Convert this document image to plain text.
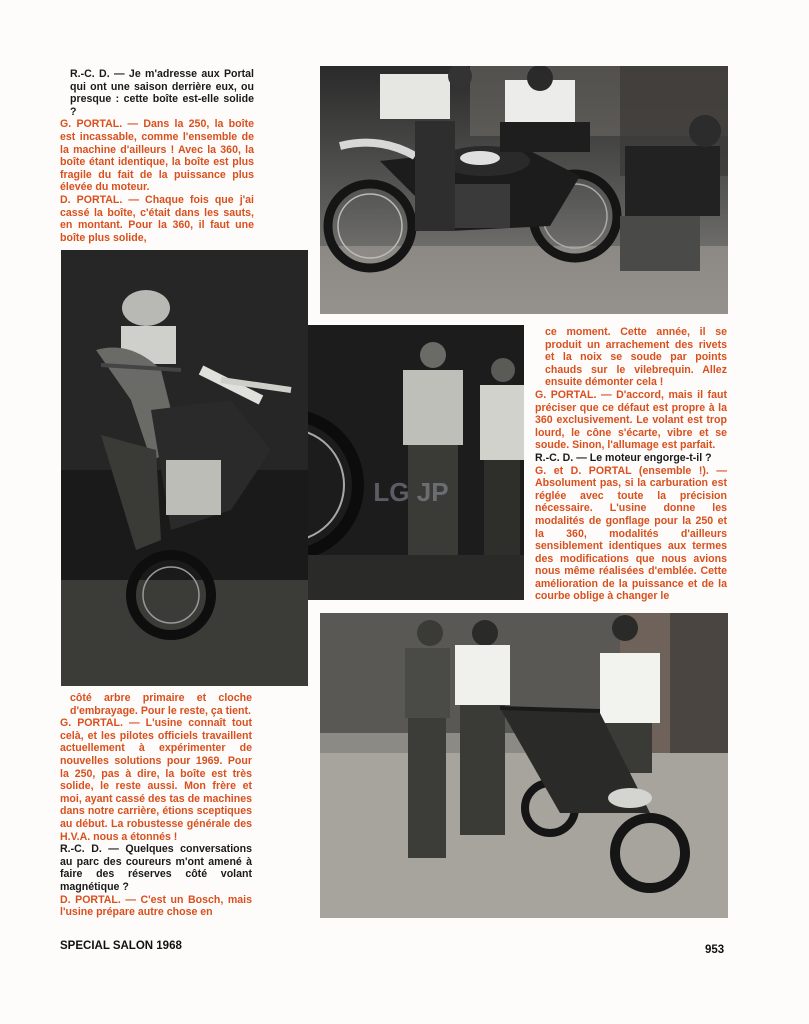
R.-C. D. — Je m'adresse aux Portal qui ont une saison derrière eux, ou presque : cette boîte est-elle solide ?

G. PORTAL. — Dans la 250, la boîte est incassable, comme l'ensemble de la machine d'ailleurs ! Avec la 360, la boîte étant identique, la boîte est plus fragile du fait de la puissance plus élevée du moteur.

D. PORTAL. — Chaque fois que j'ai cassé la boîte, c'était dans les sauts, en montant. Pour la 360, il faut une boîte plus solide,

LG JP

ce moment. Cette année, il se produit un arrachement des rivets et la noix se soude par points chauds sur le vilebrequin. Allez ensuite démonter cela !

G. PORTAL. — D'accord, mais il faut préciser que ce défaut est propre à la 360 exclusivement. Le volant est trop lourd, le cône s'écarte, vibre et se soude. Sinon, l'allumage est parfait.

R.-C. D. — Le moteur engorge-t-il ?

G. et D. PORTAL (ensemble !). — Absolument pas, si la carburation est réglée avec toute la précision nécessaire. L'usine donne les modalités de gonflage pour la 250 et la 360, modalités d'ailleurs sensiblement identiques aux termes des modifications que nous avions nous même réalisées d'emblée. Cette amélioration de la puissance et de la courbe oblige à changer le

côté arbre primaire et cloche d'embrayage. Pour le reste, ça tient.

G. PORTAL. — L'usine connaît tout celà, et les pilotes officiels travaillent actuellement à expérimenter de nouvelles solutions pour 1969. Pour la 250, pas à dire, la boîte est très solide, le reste aussi. Mon frère et moi, ayant cassé des tas de machines dans notre carrière, étions sceptiques au début. La robustesse générale des H.V.A. nous a étonnés !

R.-C. D. — Quelques conversations au parc des coureurs m'ont amené à faire des réserves côté volant magnétique ?

D. PORTAL. — C'est un Bosch, mais l'usine prépare autre chose en

SPECIAL SALON 1968	953
